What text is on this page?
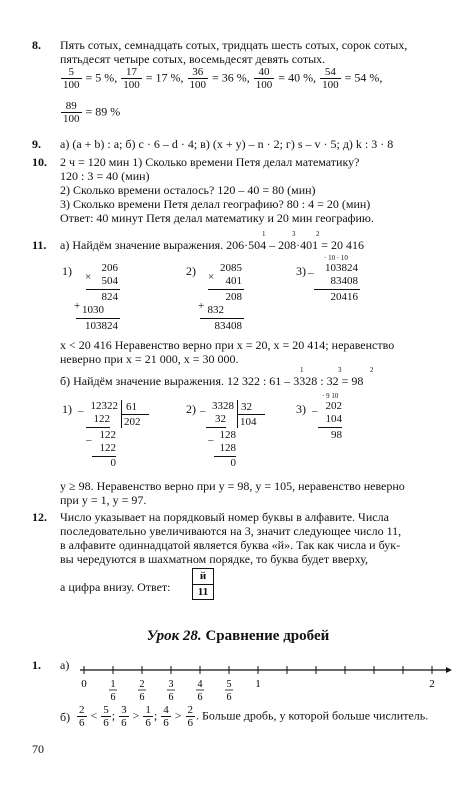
8. Пять сотых, семнадцать сотых, тридцать шесть сотых, сорок сотых,
пятьдесят четыре сотых, восемьдесят девять сотых.
$\frac{5}{100} = 5$ %, $\frac{17}{100} = 17$ %, $\frac{36}{100} = 36$ %, $\frac{40}{100} = 40$ %, $\frac{54}{100} = 54$ %,
$\frac{89}{100} = 89$ %
9. а) (a + b) : a; б) c · 6 – d · 4; в) (x + y) – n · 2; г) s – v · 5; д) k : 3 · 8
10. 2 ч = 120 мин 1) Сколько времени Петя делал математику?
120 : 3 = 40 (мин)
2) Сколько времени осталось? 120 – 40 = 80 (мин)
3) Сколько времени Петя делал географию? 80 : 4 = 20 (мин)
Ответ: 40 минут Петя делал математику и 20 мин географию.
11. а) Найдём значение выражения. 206·504 – 208·401 = 20 416
1	3	2
1)	206
× 504
824
+ 1030
103824
2)	2085
×	401
208
+ 832
83408
3)
· 10 · 10
–	103824
83408
20416
x < 20 416 Неравенство верно при x = 20, x = 20 414; неравенство
неверно при x = 21 000, x = 30 000.
б) Найдём значение выражения. 12 322 : 61 – 3328 : 32 = 98
1	3	2
1) – 12322 61
202
122
– 122
122
0
2) – 3328 32
104
32
– 128
128
0
3)
· 9 10
– 202
104
98
y ≥ 98. Неравенство верно при y = 98, y = 105, неравенство неверно
при y = 1, y = 97.
12. Число указывает на порядковый номер буквы в алфавите. Числа
последовательно увеличиваются на 3, значит следующее число 11,
в алфавите одиннадцатой является буква «й». Так как числа и бук-
вы чередуются в шахматном порядке, то буква будет вверху,
а цифра внизу. Ответ:
й
11
Урок 28. Сравнение дробей
1. а)
0 1
6
2
6
3
6
4
6
5
6
1	2
$б) \frac{2}{6} < \frac{5}{6}$ ; $\frac{3}{6} > \frac{1}{6}$ ; $\frac{4}{6} > \frac{2}{6}$ . Больше дробь, у которой больше числитель.
70
